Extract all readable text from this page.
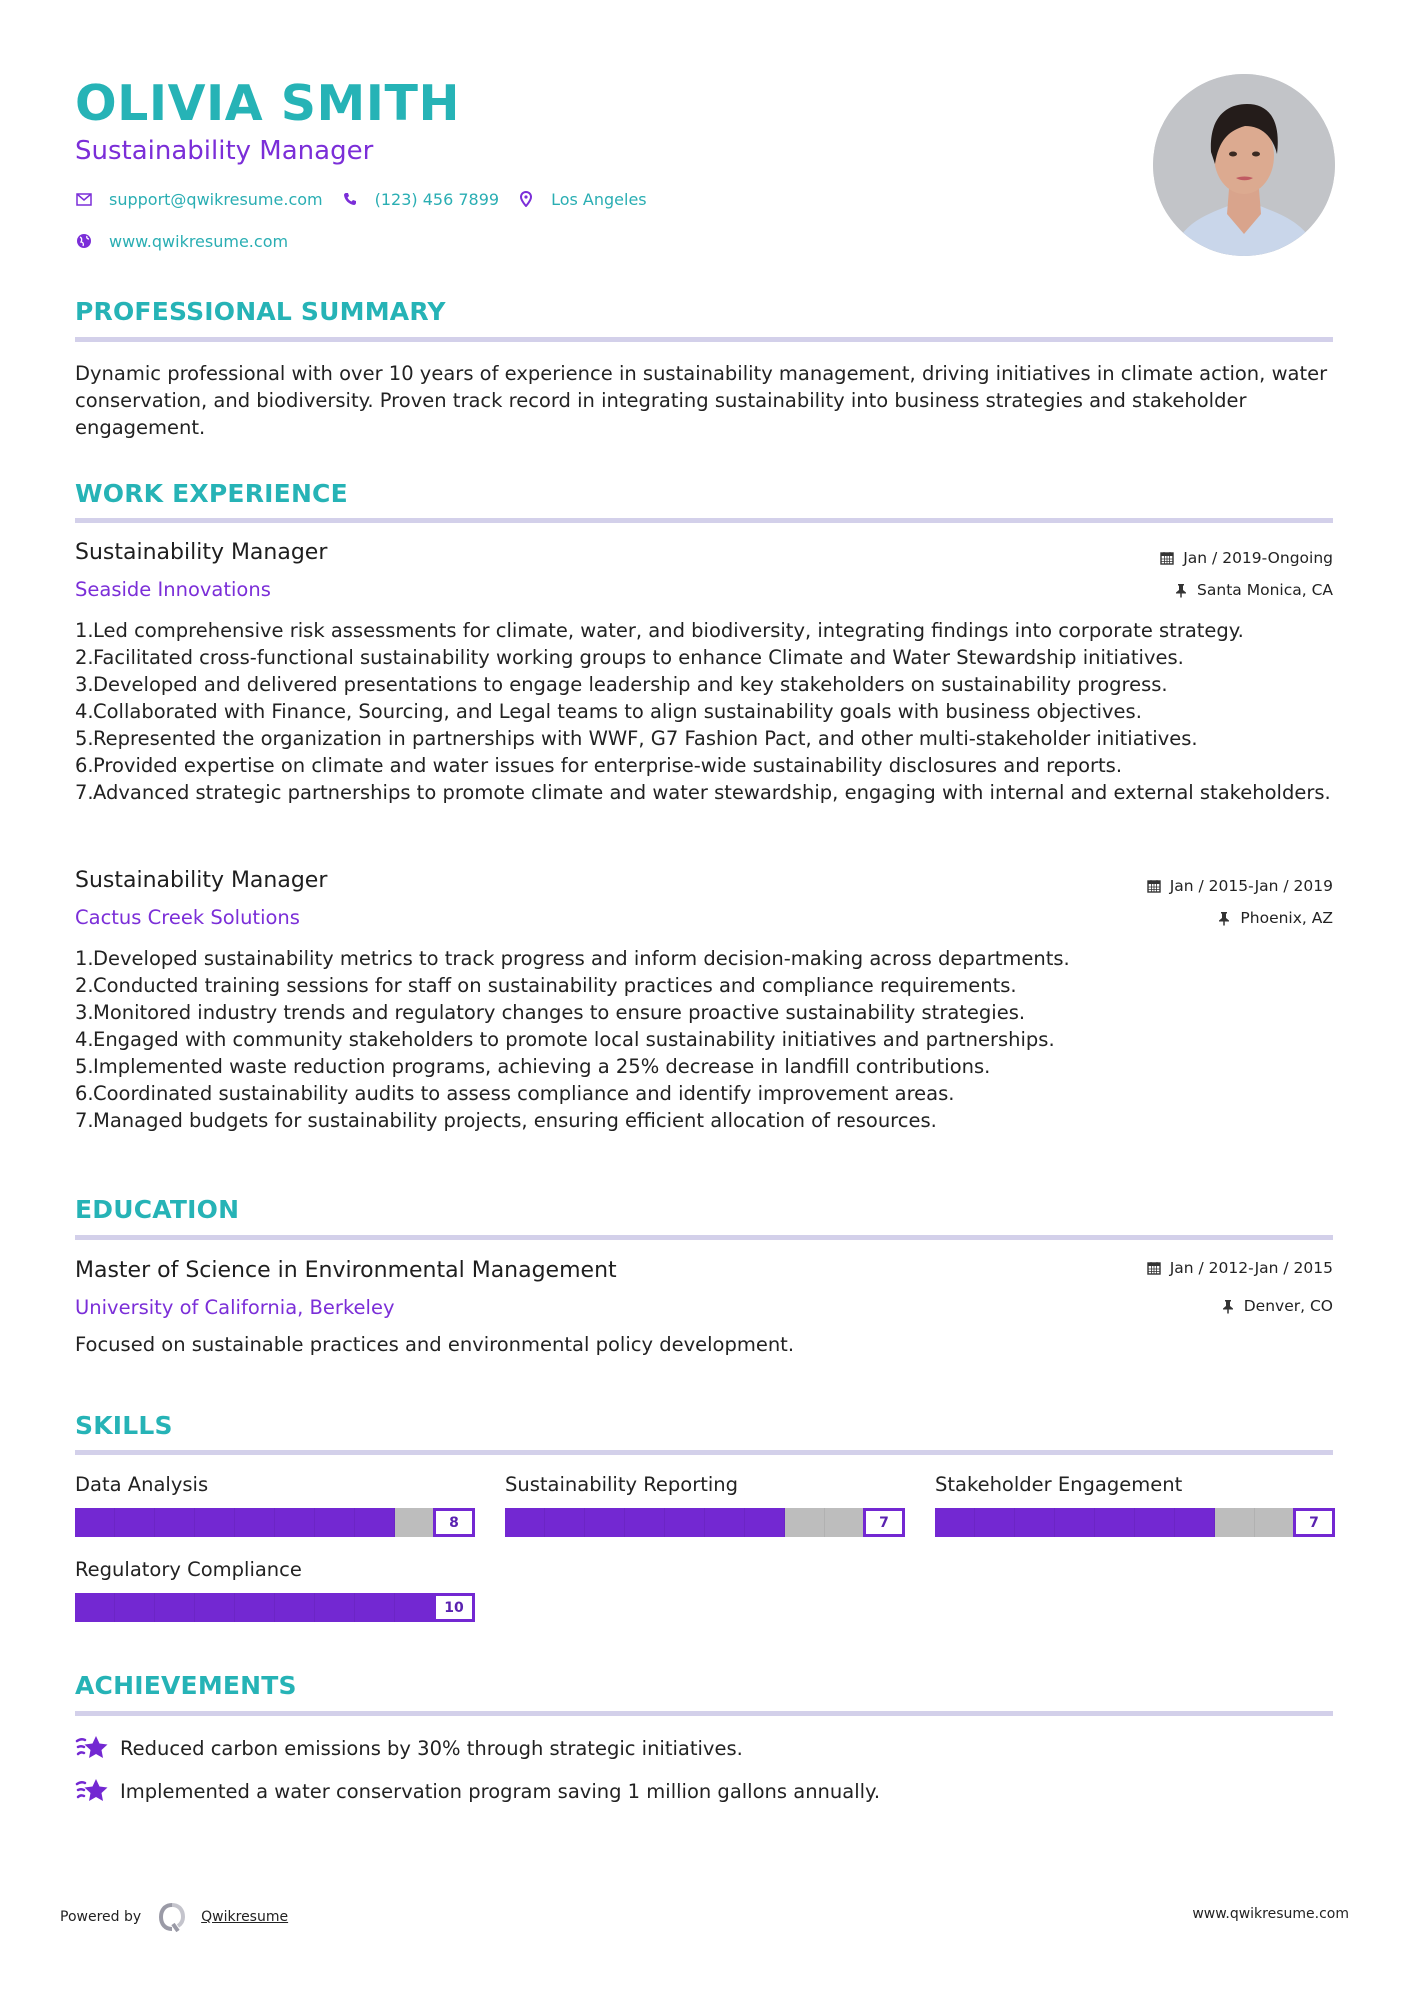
OLIVIA SMITH
Sustainability Manager
support@qwikresume.com	(123) 456 7899	Los Angeles
www.qwikresume.com
PROFESSIONAL SUMMARY
Dynamic professional with over 10 years of experience in sustainability management, driving initiatives in climate action, water conservation, and biodiversity. Proven track record in integrating sustainability into business strategies and stakeholder engagement.
WORK EXPERIENCE
Sustainability Manager	Jan / 2019-Ongoing
Seaside Innovations	Santa Monica, CA
1. Led comprehensive risk assessments for climate, water, and biodiversity, integrating findings into corporate strategy.
2. Facilitated cross-functional sustainability working groups to enhance Climate and Water Stewardship initiatives.
3. Developed and delivered presentations to engage leadership and key stakeholders on sustainability progress.
4. Collaborated with Finance, Sourcing, and Legal teams to align sustainability goals with business objectives.
5. Represented the organization in partnerships with WWF, G7 Fashion Pact, and other multi-stakeholder initiatives.
6. Provided expertise on climate and water issues for enterprise-wide sustainability disclosures and reports.
7. Advanced strategic partnerships to promote climate and water stewardship, engaging with internal and external stakeholders.
Sustainability Manager	Jan / 2015-Jan / 2019
Cactus Creek Solutions	Phoenix, AZ
1. Developed sustainability metrics to track progress and inform decision-making across departments.
2. Conducted training sessions for staff on sustainability practices and compliance requirements.
3. Monitored industry trends and regulatory changes to ensure proactive sustainability strategies.
4. Engaged with community stakeholders to promote local sustainability initiatives and partnerships.
5. Implemented waste reduction programs, achieving a 25% decrease in landfill contributions.
6. Coordinated sustainability audits to assess compliance and identify improvement areas.
7. Managed budgets for sustainability projects, ensuring efficient allocation of resources.
EDUCATION
Master of Science in Environmental Management	Jan / 2012-Jan / 2015
University of California, Berkeley	Denver, CO
Focused on sustainable practices and environmental policy development.
SKILLS
Data Analysis
8
Sustainability Reporting
7
Stakeholder Engagement
7
Regulatory Compliance
10
ACHIEVEMENTS
Reduced carbon emissions by 30% through strategic initiatives.
Implemented a water conservation program saving 1 million gallons annually.
Powered by	Qwikresume	www.qwikresume.com
